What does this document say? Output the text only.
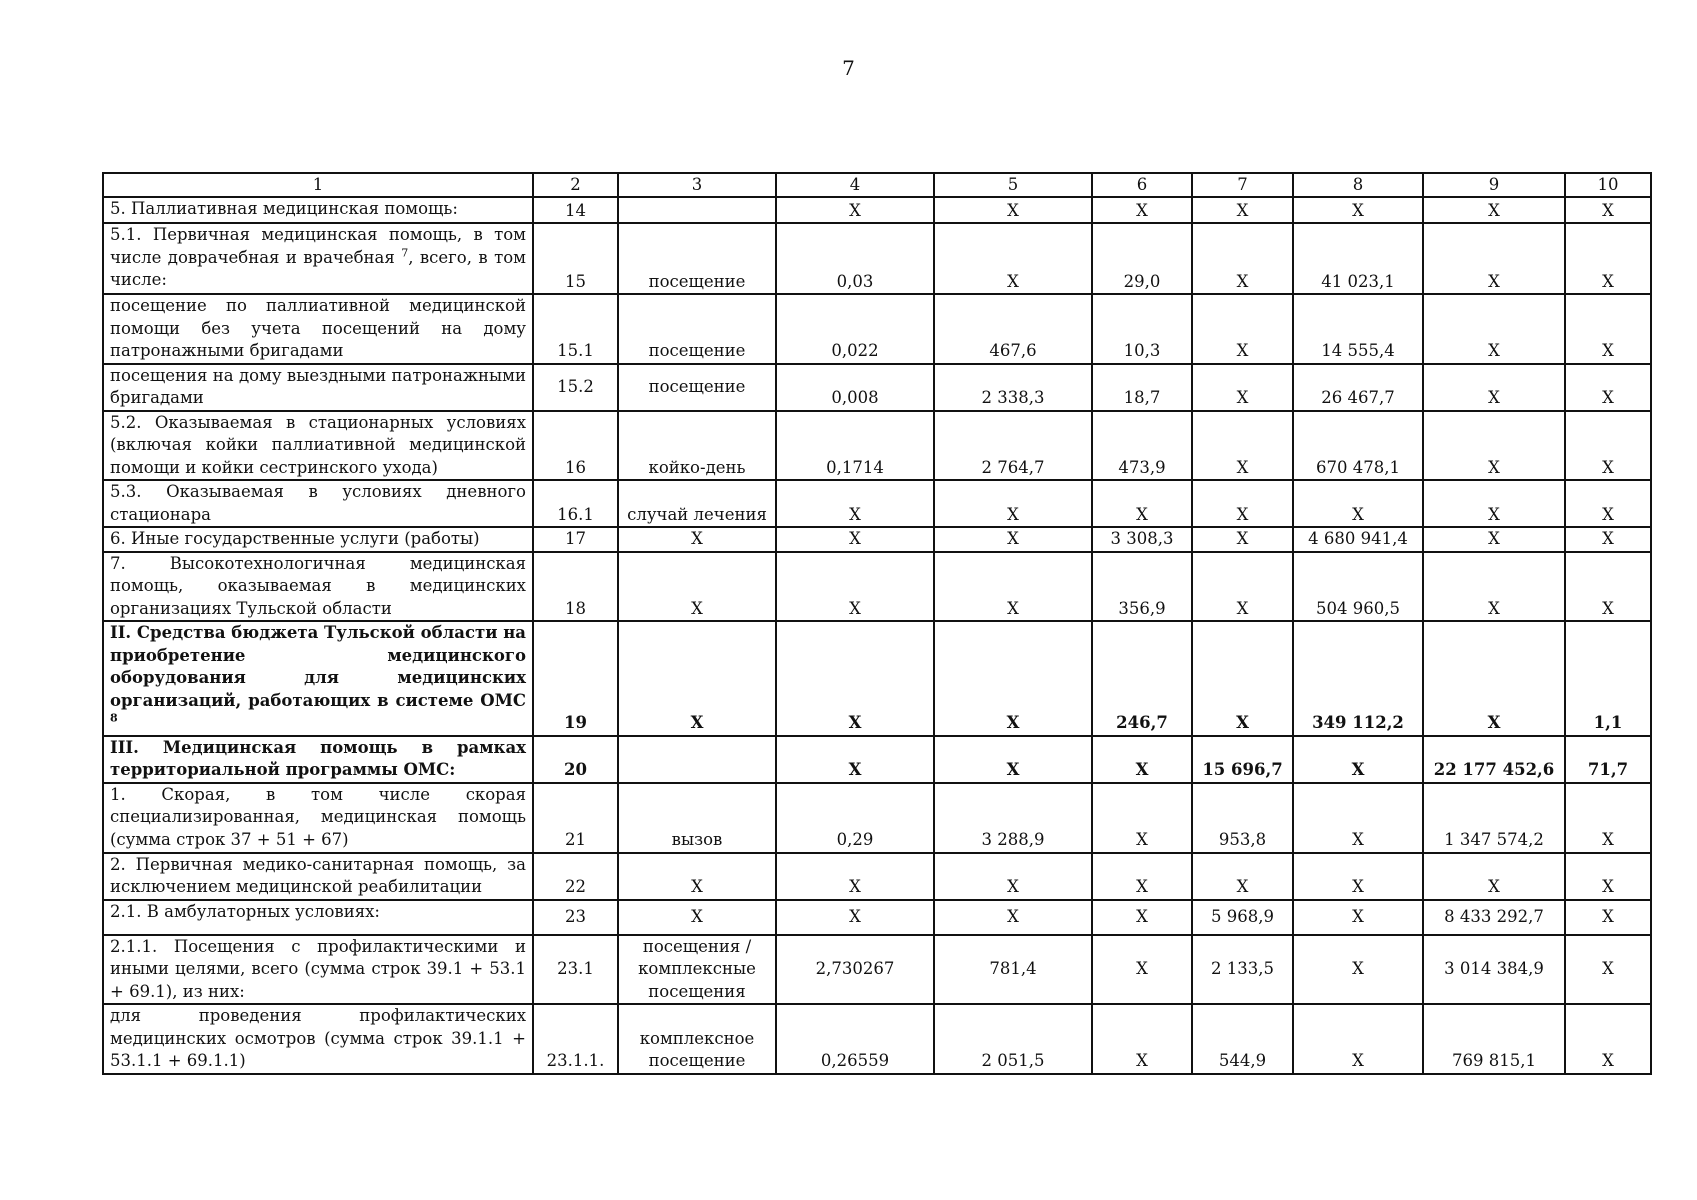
7
1	2	3	4	5	6	7	8	9	10
5. Паллиативная медицинская помощь:	14		Х	Х	Х	Х	Х	Х	Х
5.1. Первичная медицинская помощь, в том числе доврачебная и врачебная $^7$, всего, в том числе:	15	посещение	0,03	Х	29,0	Х	41 023,1	Х	Х
посещение по паллиативной медицинской помощи без учета посещений на дому патронажными бригадами	15.1	посещение	0,022	467,6	10,3	Х	14 555,4	Х	Х
посещения на дому выездными патронажными бригадами	15.2	посещение	0,008	2 338,3	18,7	Х	26 467,7	Х	Х
5.2. Оказываемая в стационарных условиях (включая койки паллиативной медицинской помощи и койки сестринского ухода)	16	койко-день	0,1714	2 764,7	473,9	Х	670 478,1	Х	Х
5.3. Оказываемая в условиях дневного стационара	16.1	случай лечения	Х	Х	Х	Х	Х	Х	Х
6. Иные государственные услуги (работы)	17	Х	Х	Х	3 308,3	Х	4 680 941,4	Х	Х
7. Высокотехнологичная медицинская помощь, оказываемая в медицинских организациях Тульской области	18	Х	Х	Х	356,9	Х	504 960,5	Х	Х
II. Средства бюджета Тульской области на приобретение медицинского оборудования для медицинских организаций, работающих в системе ОМС $^8$	19	Х	Х	Х	246,7	Х	349 112,2	Х	1,1
III. Медицинская помощь в рамках территориальной программы ОМС:	20		Х	Х	Х	15 696,7	Х	22 177 452,6	71,7
1. Скорая, в том числе скорая специализированная, медицинская помощь (сумма строк 37 + 51 + 67)	21	вызов	0,29	3 288,9	Х	953,8	Х	1 347 574,2	Х
2. Первичная медико-санитарная помощь, за исключением медицинской реабилитации	22	Х	Х	Х	Х	Х	Х	Х	Х
2.1. В амбулаторных условиях:	23	Х	Х	Х	Х	5 968,9	Х	8 433 292,7	Х
2.1.1. Посещения с профилактическими и иными целями, всего (сумма строк 39.1 + 53.1 + 69.1), из них:	23.1	посещения / комплексные посещения	2,730267	781,4	Х	2 133,5	Х	3 014 384,9	Х
для проведения профилактических медицинских осмотров (сумма строк 39.1.1 + 53.1.1 + 69.1.1)	23.1.1.	комплексное посещение	0,26559	2 051,5	Х	544,9	Х	769 815,1	Х
